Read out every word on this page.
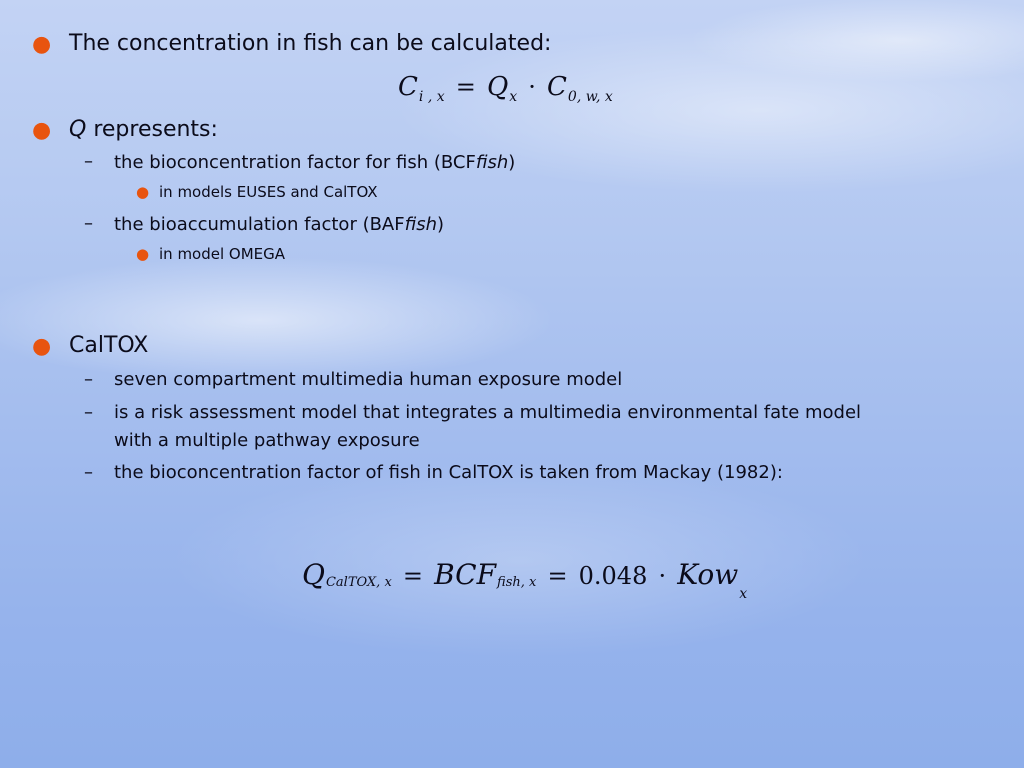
● The concentration in fish can be calculated:
$C_{i , x} = Q_x \cdot C_{0, w, x}$
● Q represents:
– the bioconcentration factor for fish (BCFfish)
● in models EUSES and CalTOX
– the bioaccumulation factor (BAFfish)
● in model OMEGA
● CalTOX
– seven compartment multimedia human exposure model
– is a risk assessment model that integrates a multimedia environmental fate model
with a multiple pathway exposure
– the bioconcentration factor of fish in CalTOX is taken from Mackay (1982):
$Q_{CalTOX, x} = BCF_{fish, x} = 0.048 \cdot Kow_x$
